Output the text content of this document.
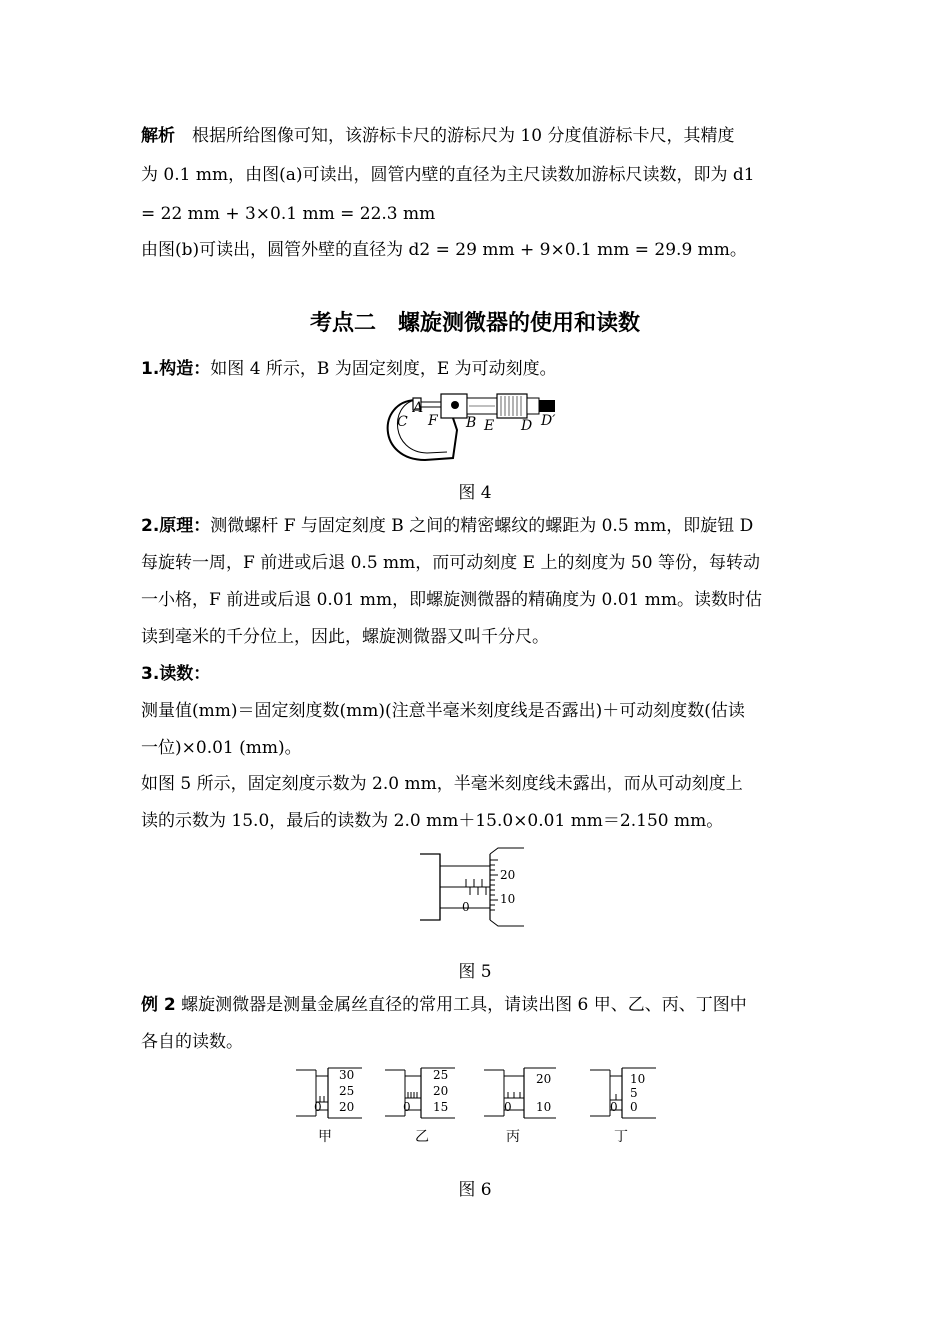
解析　 根据所给图像可知，该游标卡尺的游标尺为 10 分度值游标卡尺，其精度
为 0.1 mm，由图(a)可读出，圆管内壁的直径为主尺读数加游标尺读数，即为 d1
= 22 mm + 3×0.1 mm = 22.3 mm
由图(b)可读出，圆管外壁的直径为 d2 = 29 mm + 9×0.1 mm = 29.9 mm。
考点二　螺旋测微器的使用和读数
1.构造：如图 4 所示，B 为固定刻度，E 为可动刻度。
A
F
C	B E D D′
图 4
2.原理：测微螺杆 F 与固定刻度 B 之间的精密螺纹的螺距为 0.5 mm，即旋钮 D
每旋转一周，F 前进或后退 0.5 mm，而可动刻度 E 上的刻度为 50 等份，每转动
一小格，F 前进或后退 0.01 mm，即螺旋测微器的精确度为 0.01 mm。读数时估
读到毫米的千分位上，因此，螺旋测微器又叫千分尺。
3.读数：
测量值(mm)＝固定刻度数(mm)(注意半毫米刻度线是否露出)＋可动刻度数(估读
一位)×0.01 (mm)。
如图 5 所示，固定刻度示数为 2.0 mm，半毫米刻度线未露出，而从可动刻度上
读的示数为 15.0，最后的读数为 2.0 mm＋15.0×0.01 mm＝2.150 mm。
20
10
0
图 5
例 2 螺旋测微器是测量金属丝直径的常用工具，请读出图 6 甲、乙、丙、丁图中
各自的读数。
30
25
20
0
甲
25
20
15
0
乙
20
10
0
丙
10
5
0
0
丁
图 6
